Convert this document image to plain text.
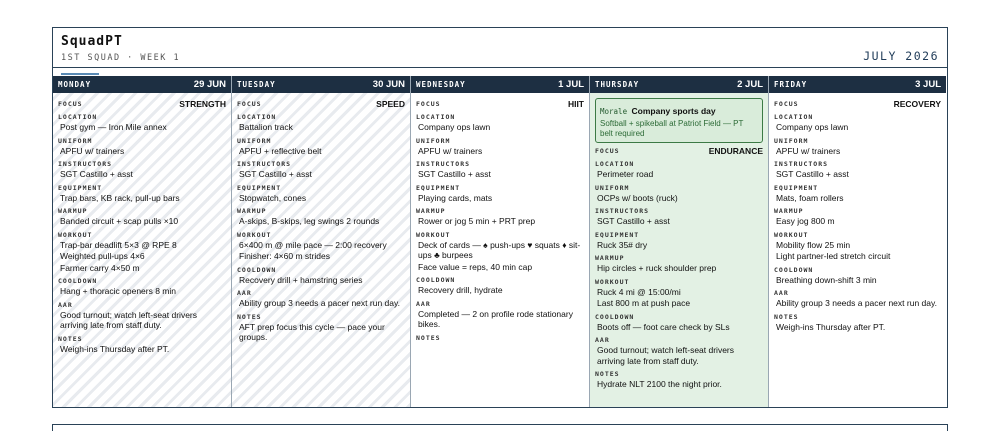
SquadPT
1ST SQUAD · WEEK 1	JULY 2026
MONDAY	29 JUN
FOCUS	STRENGTH
LOCATION
Post gym — Iron Mile annex
UNIFORM
APFU w/ trainers
INSTRUCTORS
SGT Castillo + asst
EQUIPMENT
Trap bars, KB rack, pull-up bars
WARMUP
Banded circuit + scap pulls ×10
WORKOUT
Trap-bar deadlift 5×3 @ RPE 8
Weighted pull-ups 4×6
Farmer carry 4×50 m
COOLDOWN
Hang + thoracic openers 8 min
AAR
Good turnout; watch left-seat drivers arriving late from staff duty.
NOTES
Weigh-ins Thursday after PT.
TUESDAY	30 JUN
FOCUS	SPEED
LOCATION
Battalion track
UNIFORM
APFU + reflective belt
INSTRUCTORS
SGT Castillo + asst
EQUIPMENT
Stopwatch, cones
WARMUP
A-skips, B-skips, leg swings 2 rounds
WORKOUT
6×400 m @ mile pace — 2:00 recovery
Finisher: 4×60 m strides
COOLDOWN
Recovery drill + hamstring series
AAR
Ability group 3 needs a pacer next run day.
NOTES
AFT prep focus this cycle — pace your groups.
WEDNESDAY	1 JUL
FOCUS	HIIT
LOCATION
Company ops lawn
UNIFORM
APFU w/ trainers
INSTRUCTORS
SGT Castillo + asst
EQUIPMENT
Playing cards, mats
WARMUP
Rower or jog 5 min + PRT prep
WORKOUT
Deck of cards — ♠ push-ups ♥ squats ♦ sit-ups ♣ burpees
Face value = reps, 40 min cap
COOLDOWN
Recovery drill, hydrate
AAR
Completed — 2 on profile rode stationary bikes.
NOTES
THURSDAY	2 JUL
Morale Company sports day
Softball + spikeball at Patriot Field — PT belt required
FOCUS	ENDURANCE
LOCATION
Perimeter road
UNIFORM
OCPs w/ boots (ruck)
INSTRUCTORS
SGT Castillo + asst
EQUIPMENT
Ruck 35# dry
WARMUP
Hip circles + ruck shoulder prep
WORKOUT
Ruck 4 mi @ 15:00/mi
Last 800 m at push pace
COOLDOWN
Boots off — foot care check by SLs
AAR
Good turnout; watch left-seat drivers arriving late from staff duty.
NOTES
Hydrate NLT 2100 the night prior.
FRIDAY	3 JUL
FOCUS	RECOVERY
LOCATION
Company ops lawn
UNIFORM
APFU w/ trainers
INSTRUCTORS
SGT Castillo + asst
EQUIPMENT
Mats, foam rollers
WARMUP
Easy jog 800 m
WORKOUT
Mobility flow 25 min
Light partner-led stretch circuit
COOLDOWN
Breathing down-shift 3 min
AAR
Ability group 3 needs a pacer next run day.
NOTES
Weigh-ins Thursday after PT.
